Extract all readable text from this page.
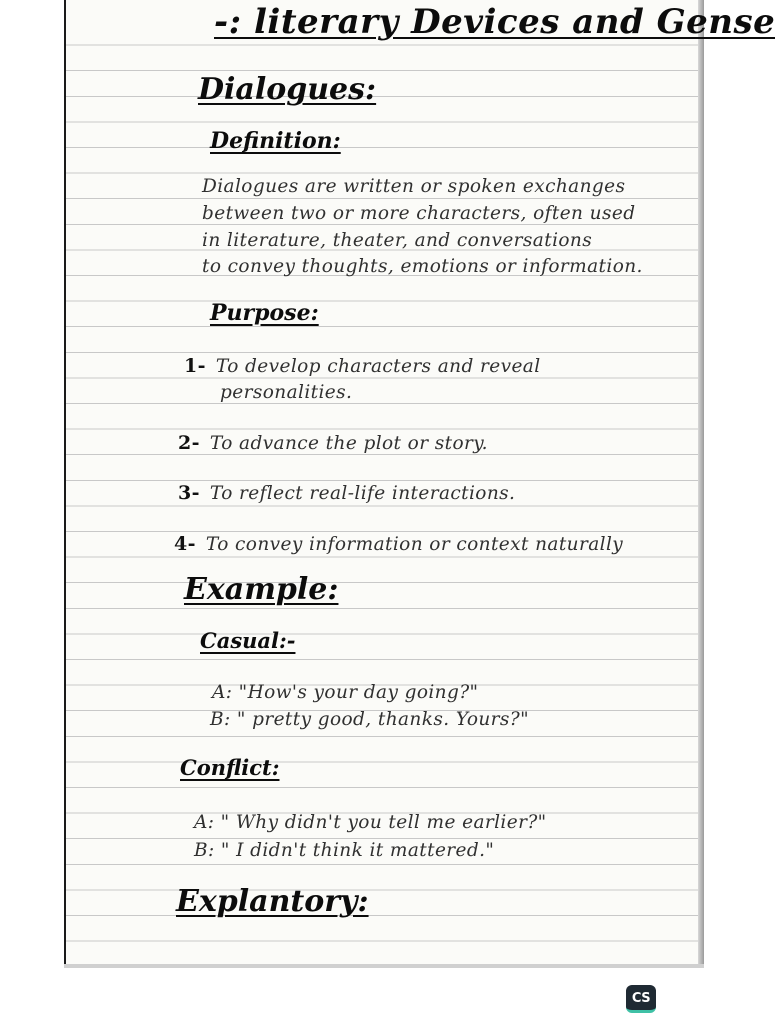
-: literary Devices and Gense

Dialogues:

Definition:

Dialogues are written or spoken exchanges

between two or more characters, often used

in literature, theater, and conversations

to convey thoughts, emotions or information.

Purpose:

1- To develop characters and reveal

personalities.

2- To advance the plot or story.

3- To reflect real-life interactions.

4- To convey information or context naturally

Example:

Casual:-

A: "How's your day going?"

B: " pretty good, thanks. Yours?"

Conflict:

A: " Why didn't you tell me earlier?"

B: " I didn't think it mattered."

Explantory:

CS
